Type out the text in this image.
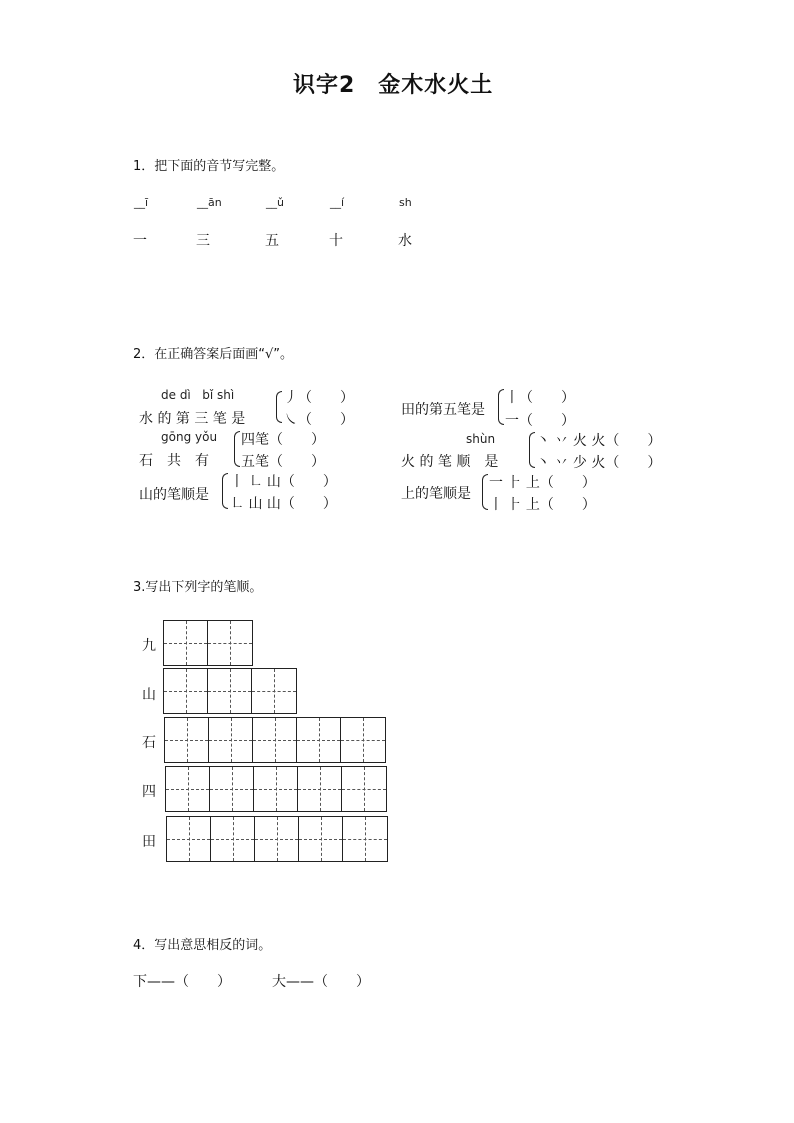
识字2　金木水火土
1．把下面的音节写完整。
__ī	__ān	__ǔ	__í	sh
一	三	五	十	水
2．在正确答案后面画“√”。
de dì   bǐ shì
水 的 第 三 笔 是
丿（　　）
㇏（　　）
gōng yǒu
石　共　有
四笔（　　）
五笔（　　）
山的笔顺是
丨 ㇗ 山（　　）
㇗ 山 山（　　）
田的第五笔是
丨（　　）
一（　　）
shùn
火 的 笔 顺　是
丶 丷 火 火（　　）
丶 丷 少 火（　　）
上的笔顺是
一 ⺊ 上（　　）
丨 ⺊ 上（　　）
3.写出下列字的笔顺。
九
山
石
四
田
4．写出意思相反的词。
下——（　　）	大——（　　）
